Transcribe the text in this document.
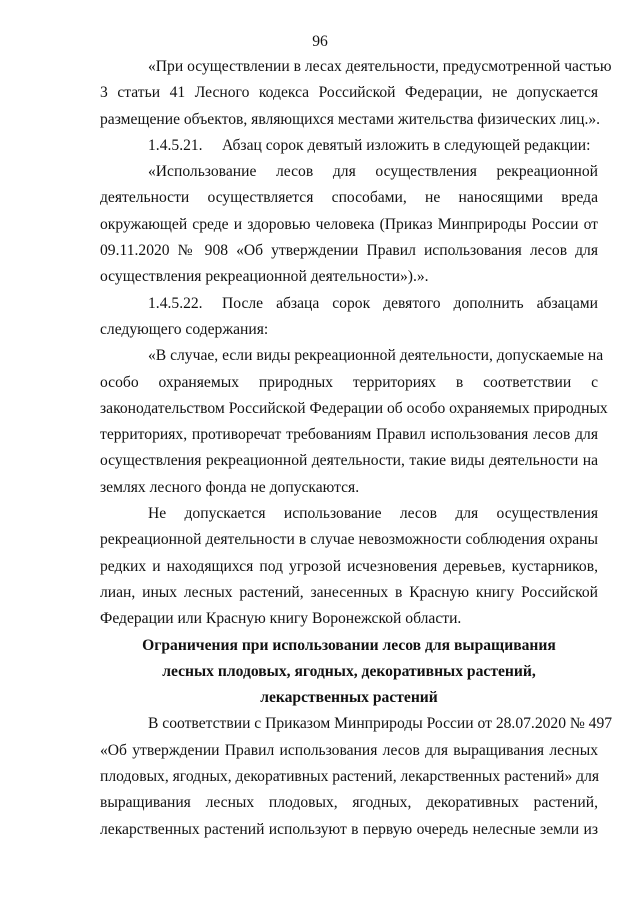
96
«При осуществлении в лесах деятельности, предусмотренной частью
3 статьи 41 Лесного кодекса Российской Федерации, не допускается
размещение объектов, являющихся местами жительства физических лиц.».
1.4.5.21. Абзац сорок девятый изложить в следующей редакции:
«Использование лесов для осуществления рекреационной
деятельности осуществляется способами, не наносящими вреда
окружающей среде и здоровью человека (Приказ Минприроды России от
09.11.2020 № 908 «Об утверждении Правил использования лесов для
осуществления рекреационной деятельности»).».
1.4.5.22. После абзаца сорок девятого дополнить абзацами
следующего содержания:
«В случае, если виды рекреационной деятельности, допускаемые на
особо охраняемых природных территориях в соответствии с
законодательством Российской Федерации об особо охраняемых природных
территориях, противоречат требованиям Правил использования лесов для
осуществления рекреационной деятельности, такие виды деятельности на
землях лесного фонда не допускаются.
Не допускается использование лесов для осуществления
рекреационной деятельности в случае невозможности соблюдения охраны
редких и находящихся под угрозой исчезновения деревьев, кустарников,
лиан, иных лесных растений, занесенных в Красную книгу Российской
Федерации или Красную книгу Воронежской области.
Ограничения при использовании лесов для выращивания
лесных плодовых, ягодных, декоративных растений,
лекарственных растений
В соответствии с Приказом Минприроды России от 28.07.2020 № 497
«Об утверждении Правил использования лесов для выращивания лесных
плодовых, ягодных, декоративных растений, лекарственных растений» для
выращивания лесных плодовых, ягодных, декоративных растений,
лекарственных растений используют в первую очередь нелесные земли из
